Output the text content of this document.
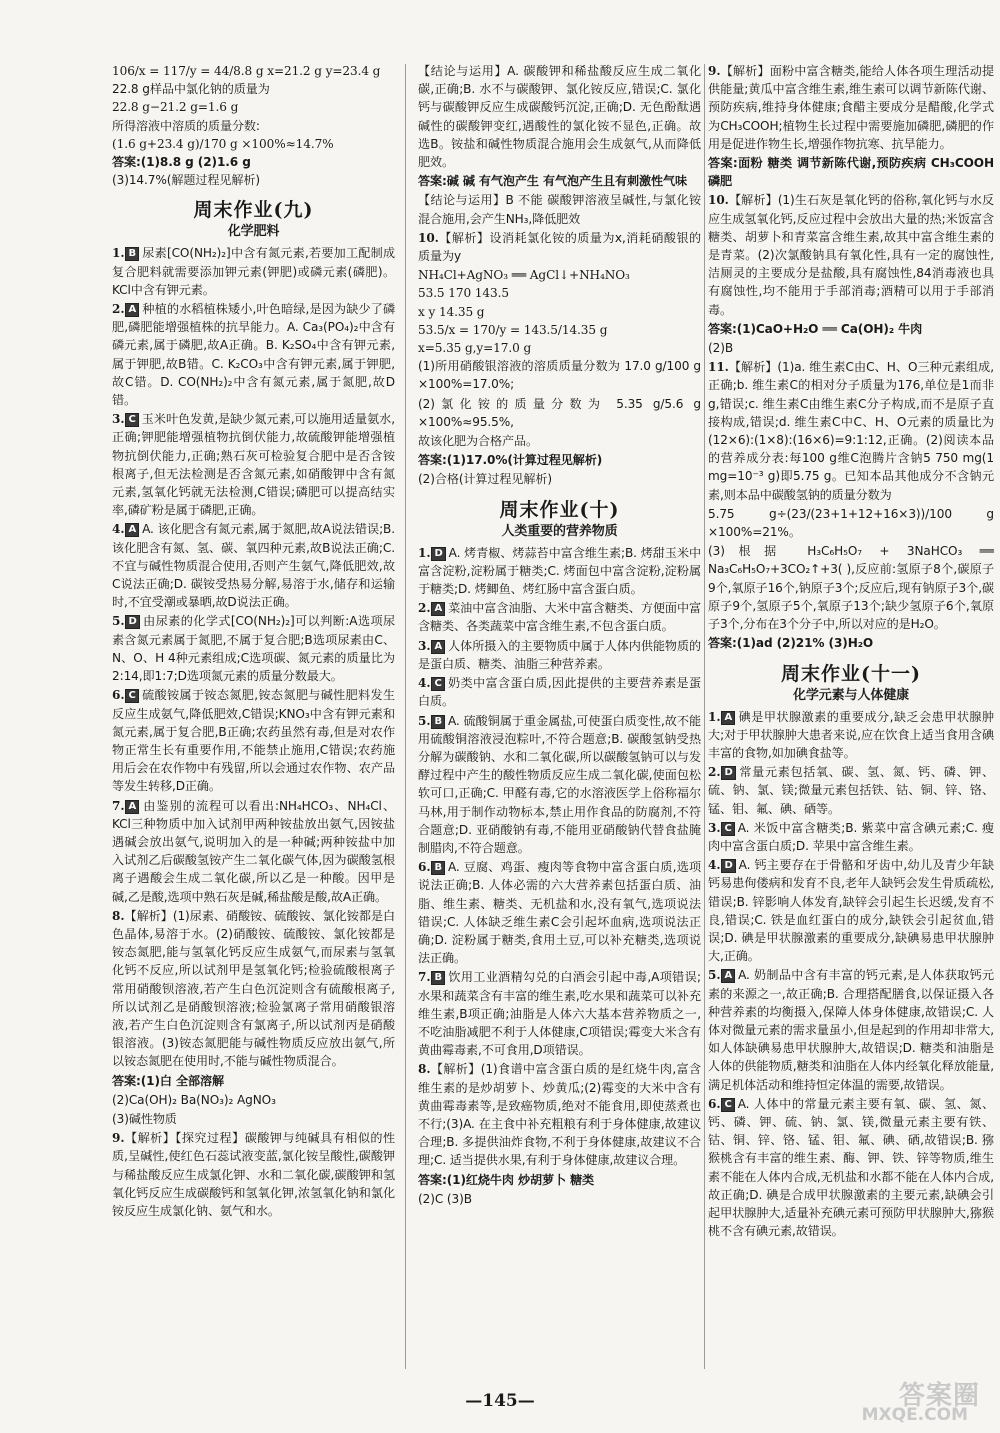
106/x = 117/y = 44/8.8 g x=21.2 g y=23.4 g

22.8 g样品中氯化钠的质量为

22.8 g−21.2 g=1.6 g

所得溶液中溶质的质量分数:

(1.6 g+23.4 g)/170 g ×100%≈14.7%

答案:(1)8.8 g (2)1.6 g

(3)14.7%(解题过程见解析)

周末作业(九)
化学肥料

1. B 尿素[CO(NH₂)₂]中含有氮元素,若要加工配制成复合肥料就需要添加钾元素(钾肥)或磷元素(磷肥)。KCl中含有钾元素。

2. A 种植的水稻植株矮小,叶色暗绿,是因为缺少了磷肥,磷肥能增强植株的抗旱能力。A. Ca₃(PO₄)₂中含有磷元素,属于磷肥,故A正确。B. K₂SO₄中含有钾元素,属于钾肥,故B错。C. K₂CO₃中含有钾元素,属于钾肥,故C错。D. CO(NH₂)₂中含有氮元素,属于氮肥,故D错。

3. C 玉米叶色发黄,是缺少氮元素,可以施用适量氨水,正确;钾肥能增强植物抗倒伏能力,故硫酸钾能增强植物抗倒伏能力,正确;熟石灰可检验复合肥中是否含铵根离子,但无法检测是否含氮元素,如硝酸钾中含有氮元素,氢氧化钙就无法检测,C错误;磷肥可以提高结实率,磷矿粉是属于磷肥,正确。

4. A A. 该化肥含有氮元素,属于氮肥,故A说法错误;B. 该化肥含有氮、氢、碳、氧四种元素,故B说法正确;C. 不宜与碱性物质混合使用,否则产生氨气,降低肥效,故C说法正确;D. 碳铵受热易分解,易溶于水,储存和运输时,不宜受潮或暴晒,故D说法正确。

5. D 由尿素的化学式[CO(NH₂)₂]可以判断:A选项尿素含氮元素属于氮肥,不属于复合肥;B选项尿素由C、N、O、H 4种元素组成;C选项碳、氮元素的质量比为2:14,即1:7;D选项氮元素的质量分数最大。

6. C 硫酸铵属于铵态氮肥,铵态氮肥与碱性肥料发生反应生成氨气,降低肥效,C错误;KNO₃中含有钾元素和氮元素,属于复合肥,B正确;农药虽然有毒,但是对农作物正常生长有重要作用,不能禁止施用,C错误;农药施用后会在农作物中有残留,所以会通过农作物、农产品等发生转移,D正确。

7. A 由鉴别的流程可以看出:NH₄HCO₃、NH₄Cl、KCl三种物质中加入试剂甲两种铵盐放出氨气,因铵盐遇碱会放出氨气,说明加入的是一种碱;两种铵盐中加入试剂乙后碳酸氢铵产生二氧化碳气体,因为碳酸氢根离子遇酸会生成二氧化碳,所以乙是一种酸。因甲是碱,乙是酸,选项中熟石灰是碱,稀盐酸是酸,故A正确。

8.【解析】(1)尿素、硝酸铵、硫酸铵、氯化铵都是白色晶体,易溶于水。(2)硝酸铵、硫酸铵、氯化铵都是铵态氮肥,能与氢氧化钙反应生成氨气,而尿素与氢氧化钙不反应,所以试剂甲是氢氧化钙;检验硫酸根离子常用硝酸钡溶液,若产生白色沉淀则含有硫酸根离子,所以试剂乙是硝酸钡溶液;检验氯离子常用硝酸银溶液,若产生白色沉淀则含有氯离子,所以试剂丙是硝酸银溶液。(3)铵态氮肥能与碱性物质反应放出氨气,所以铵态氮肥在使用时,不能与碱性物质混合。

答案:(1)白 全部溶解

(2)Ca(OH)₂ Ba(NO₃)₂ AgNO₃

(3)碱性物质

9.【解析】【探究过程】碳酸钾与纯碱具有相似的性质,呈碱性,使红色石蕊试液变蓝,氯化铵呈酸性,碳酸钾与稀盐酸反应生成氯化钾、水和二氧化碳,碳酸钾和氢氧化钙反应生成碳酸钙和氢氧化钾,浓氢氧化钠和氯化铵反应生成氯化钠、氨气和水。

【结论与运用】A. 碳酸钾和稀盐酸反应生成二氧化碳,正确;B. 水不与碳酸钾、氯化铵反应,错误;C. 氯化钙与碳酸钾反应生成碳酸钙沉淀,正确;D. 无色酚酞遇碱性的碳酸钾变红,遇酸性的氯化铵不显色,正确。故选B。铵盐和碱性物质混合施用会生成氨气,从而降低肥效。

答案:碱 碱 有气泡产生 有气泡产生且有刺激性气味

【结论与运用】B 不能 碳酸钾溶液呈碱性,与氯化铵混合施用,会产生NH₃,降低肥效

10.【解析】设消耗氯化铵的质量为x,消耗硝酸银的质量为y

NH₄Cl+AgNO₃ ══ AgCl↓+NH₄NO₃

53.5 170 143.5

x y 14.35 g

53.5/x = 170/y = 143.5/14.35 g

x=5.35 g,y=17.0 g

(1)所用硝酸银溶液的溶质质量分数为 17.0 g/100 g ×100%=17.0%;

(2)氯化铵的质量分数为 5.35 g/5.6 g ×100%≈95.5%,

故该化肥为合格产品。

答案:(1)17.0%(计算过程见解析)

(2)合格(计算过程见解析)

周末作业(十)
人类重要的营养物质

1. D A. 烤青椒、烤蒜苔中富含维生素;B. 烤甜玉米中富含淀粉,淀粉属于糖类;C. 烤面包中富含淀粉,淀粉属于糖类;D. 烤鲫鱼、烤红肠中富含蛋白质。

2. A 菜油中富含油脂、大米中富含糖类、方便面中富含糖类、各类蔬菜中富含维生素,不包含蛋白质。

3. A 人体所摄入的主要物质中属于人体内供能物质的是蛋白质、糖类、油脂三种营养素。

4. C 奶类中富含蛋白质,因此提供的主要营养素是蛋白质。

5. B A. 硫酸铜属于重金属盐,可使蛋白质变性,故不能用硫酸铜溶液浸泡粽叶,不符合题意;B. 碳酸氢钠受热分解为碳酸钠、水和二氧化碳,所以碳酸氢钠可以与发酵过程中产生的酸性物质反应生成二氧化碳,使面包松软可口,正确;C. 甲醛有毒,它的水溶液医学上俗称福尔马林,用于制作动物标本,禁止用作食品的防腐剂,不符合题意;D. 亚硝酸钠有毒,不能用亚硝酸钠代替食盐腌制腊肉,不符合题意。

6. B A. 豆腐、鸡蛋、瘦肉等食物中富含蛋白质,选项说法正确;B. 人体必需的六大营养素包括蛋白质、油脂、维生素、糖类、无机盐和水,没有氧气,选项说法错误;C. 人体缺乏维生素C会引起坏血病,选项说法正确;D. 淀粉属于糖类,食用土豆,可以补充糖类,选项说法正确。

7. B 饮用工业酒精勾兑的白酒会引起中毒,A项错误;水果和蔬菜含有丰富的维生素,吃水果和蔬菜可以补充维生素,B项正确;油脂是人体六大基本营养物质之一,不吃油脂减肥不利于人体健康,C项错误;霉变大米含有黄曲霉毒素,不可食用,D项错误。

8.【解析】(1)食谱中富含蛋白质的是红烧牛肉,富含维生素的是炒胡萝卜、炒黄瓜;(2)霉变的大米中含有黄曲霉毒素等,是致癌物质,绝对不能食用,即使蒸煮也不行;(3)A. 在主食中补充粗粮有利于身体健康,故建议合理;B. 多提供油炸食物,不利于身体健康,故建议不合理;C. 适当提供水果,有利于身体健康,故建议合理。

答案:(1)红烧牛肉 炒胡萝卜 糖类

(2)C (3)B

9.【解析】面粉中富含糖类,能给人体各项生理活动提供能量;黄瓜中富含维生素,维生素可以调节新陈代谢、预防疾病,维持身体健康;食醋主要成分是醋酸,化学式为CH₃COOH;植物生长过程中需要施加磷肥,磷肥的作用是促进作物生长,增强作物抗寒、抗旱能力。

答案:面粉 糖类 调节新陈代谢,预防疾病 CH₃COOH 磷肥

10.【解析】(1)生石灰是氧化钙的俗称,氧化钙与水反应生成氢氧化钙,反应过程中会放出大量的热;米饭富含糖类、胡萝卜和青菜富含维生素,故其中富含维生素的是青菜。(2)次氯酸钠具有氧化性,具有一定的腐蚀性,洁厕灵的主要成分是盐酸,具有腐蚀性,84消毒液也具有腐蚀性,均不能用于手部消毒;酒精可以用于手部消毒。

答案:(1)CaO+H₂O ══ Ca(OH)₂ 牛肉

(2)B

11.【解析】(1)a. 维生素C由C、H、O三种元素组成,正确;b. 维生素C的相对分子质量为176,单位是1而非g,错误;c. 维生素C由维生素C分子构成,而不是原子直接构成,错误;d. 维生素C中C、H、O元素的质量比为(12×6):(1×8):(16×6)=9:1:12,正确。(2)阅读本品的营养成分表:每100 g维C泡腾片含钠5 750 mg(1 mg=10⁻³ g)即5.75 g。已知本品其他成分不含钠元素,则本品中碳酸氢钠的质量分数为

5.75 g÷(23/(23+1+12+16×3))/100 g ×100%=21%。

(3)根据 H₃C₆H₅O₇ + 3NaHCO₃ ══ Na₃C₆H₅O₇+3CO₂↑+3( ),反应前:氢原子8个,碳原子9个,氧原子16个,钠原子3个;反应后,现有钠原子3个,碳原子9个,氢原子5个,氧原子13个;缺少氢原子6个,氧原子3个,分布在3个分子中,所以对应的是H₂O。

答案:(1)ad (2)21% (3)H₂O

周末作业(十一)
化学元素与人体健康

1. A 碘是甲状腺激素的重要成分,缺乏会患甲状腺肿大;对于甲状腺肿大患者来说,应在饮食上适当食用含碘丰富的食物,如加碘食盐等。

2. D 常量元素包括氧、碳、氢、氮、钙、磷、钾、硫、钠、氯、镁;微量元素包括铁、钴、铜、锌、铬、锰、钼、氟、碘、硒等。

3. C A. 米饭中富含糖类;B. 紫菜中富含碘元素;C. 瘦肉中富含蛋白质;D. 苹果中富含维生素。

4. D A. 钙主要存在于骨骼和牙齿中,幼儿及青少年缺钙易患佝偻病和发育不良,老年人缺钙会发生骨质疏松,错误;B. 锌影响人体发育,缺锌会引起生长迟缓,发育不良,错误;C. 铁是血红蛋白的成分,缺铁会引起贫血,错误;D. 碘是甲状腺激素的重要成分,缺碘易患甲状腺肿大,正确。

5. A A. 奶制品中含有丰富的钙元素,是人体获取钙元素的来源之一,故正确;B. 合理搭配膳食,以保证摄入各种营养素的均衡摄入,保障人体身体健康,故错误;C. 人体对微量元素的需求量虽小,但是起到的作用却非常大,如人体缺碘易患甲状腺肿大,故错误;D. 糖类和油脂是人体的供能物质,糖类和油脂在人体内经氧化释放能量,满足机体活动和维持恒定体温的需要,故错误。

6. C A. 人体中的常量元素主要有氧、碳、氢、氮、钙、磷、钾、硫、钠、氯、镁,微量元素主要有铁、钴、铜、锌、铬、锰、钼、氟、碘、硒,故错误;B. 猕猴桃含有丰富的维生素、酶、钾、铁、锌等物质,维生素不能在人体内合成,无机盐和水都不能在人体内合成,故正确;D. 碘是合成甲状腺激素的主要元素,缺碘会引起甲状腺肿大,适量补充碘元素可预防甲状腺肿大,猕猴桃不含有碘元素,故错误。

—145—	答案圈
MXQE.COM
